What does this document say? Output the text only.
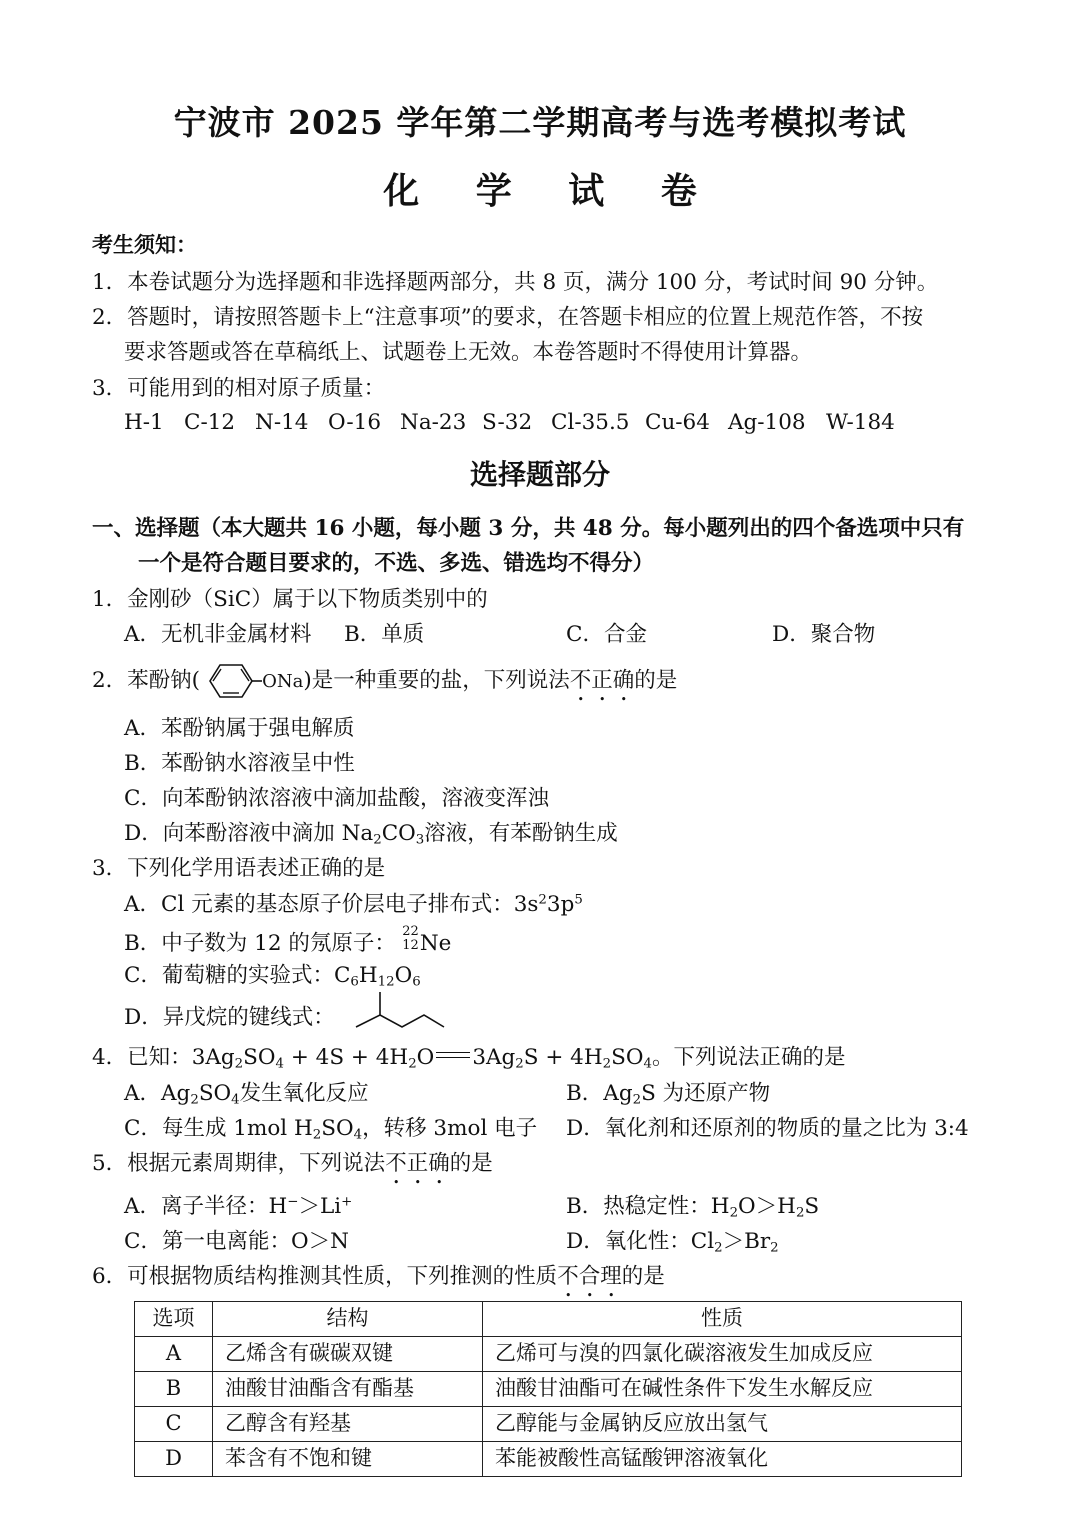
宁波市 2025 学年第二学期高考与选考模拟考试
化 学 试 卷
考生须知：
1．本卷试题分为选择题和非选择题两部分，共 8 页，满分 100 分，考试时间 90 分钟。
2．答题时，请按照答题卡上“注意事项”的要求，在答题卡相应的位置上规范作答，不按
要求答题或答在草稿纸上、试题卷上无效。本卷答题时不得使用计算器。
3．可能用到的相对原子质量：
H-1 C-12 N-14 O-16 Na-23 S-32 Cl-35.5 Cu-64 Ag-108 W-184
选择题部分
一、选择题（本大题共 16 小题，每小题 3 分，共 48 分。每小题列出的四个备选项中只有
一个是符合题目要求的，不选、多选、错选均不得分）
1．金刚砂（SiC）属于以下物质类别中的
A．无机非金属材料 B．单质	C．合金	D．聚合物
2．苯酚钠(	ONa)是一种重要的盐，下列说法不正确的是
A．苯酚钠属于强电解质
B．苯酚钠水溶液呈中性
C．向苯酚钠浓溶液中滴加盐酸，溶液变浑浊
D．向苯酚溶液中滴加 $Na_2CO_3$溶液，有苯酚钠生成
3．下列化学用语表述正确的是
A．Cl 元素的基态原子价层电子排布式：$3s^23p^5$
B．中子数为 12 的氖原子： 22
12 Ne
C．葡萄糖的实验式：$C_6H_{12}O_6$
D．异戊烷的键线式：
4．已知：$3Ag_2SO_4 + 4S + 4H_2O$ $3Ag_2S + 4H_2SO_4$。下列说法正确的是
A．$Ag_2SO_4$发生氧化反应	B．$Ag_2S$ 为还原产物
C．每生成 1mol $H_2SO_4$，转移 3mol 电子 D．氧化剂和还原剂的物质的量之比为 3:4
5．根据元素周期律，下列说法不正确的是
A．离子半径：H−＞Li+	B．热稳定性：$H_2O>H_2S$
C．第一电离能：O＞N	D．氧化性：$Cl_2>Br_2$
6．可根据物质结构推测其性质，下列推测的性质不合理的是
选项	结构	性质
A	乙烯含有碳碳双键	乙烯可与溴的四氯化碳溶液发生加成反应
B	油酸甘油酯含有酯基	油酸甘油酯可在碱性条件下发生水解反应
C	乙醇含有羟基	乙醇能与金属钠反应放出氢气
D	苯含有不饱和键	苯能被酸性高锰酸钾溶液氧化
